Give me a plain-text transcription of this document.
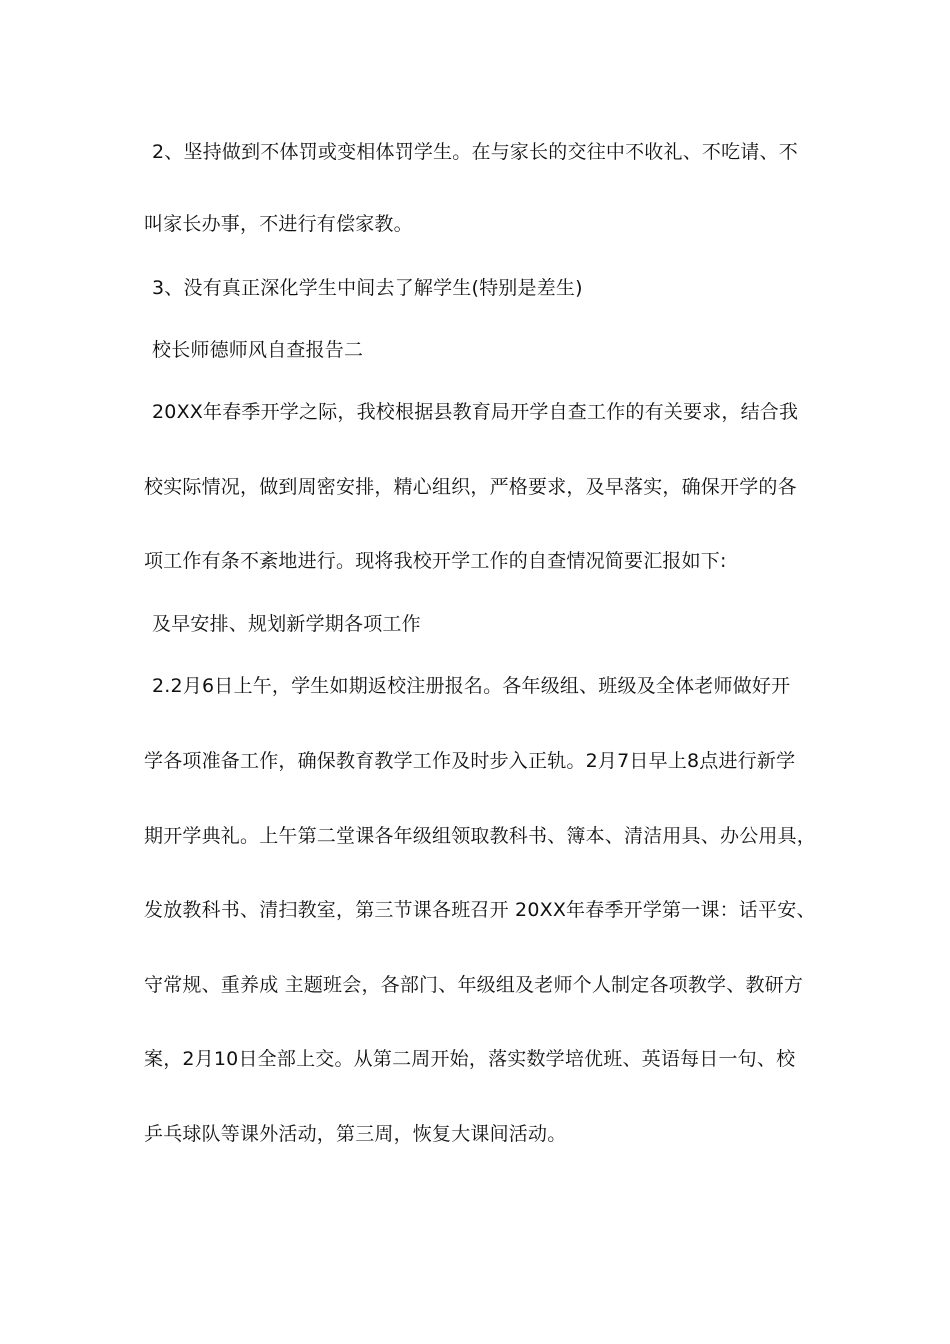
2、坚持做到不体罚或变相体罚学生。在与家长的交往中不收礼、不吃请、不
叫家长办事，不进行有偿家教。
3、没有真正深化学生中间去了解学生(特别是差生)
校长师德师风自查报告二
20XX年春季开学之际，我校根据县教育局开学自查工作的有关要求，结合我
校实际情况，做到周密安排，精心组织，严格要求，及早落实，确保开学的各
项工作有条不紊地进行。现将我校开学工作的自查情况简要汇报如下:
及早安排、规划新学期各项工作
2.2月6日上午，学生如期返校注册报名。各年级组、班级及全体老师做好开
学各项准备工作，确保教育教学工作及时步入正轨。2月7日早上8点进行新学
期开学典礼。上午第二堂课各年级组领取教科书、簿本、清洁用具、办公用具，
发放教科书、清扫教室，第三节课各班召开 20XX年春季开学第一课：话平安、
守常规、重养成 主题班会，各部门、年级组及老师个人制定各项教学、教研方
案，2月10日全部上交。从第二周开始，落实数学培优班、英语每日一句、校
乒乓球队等课外活动，第三周，恢复大课间活动。
